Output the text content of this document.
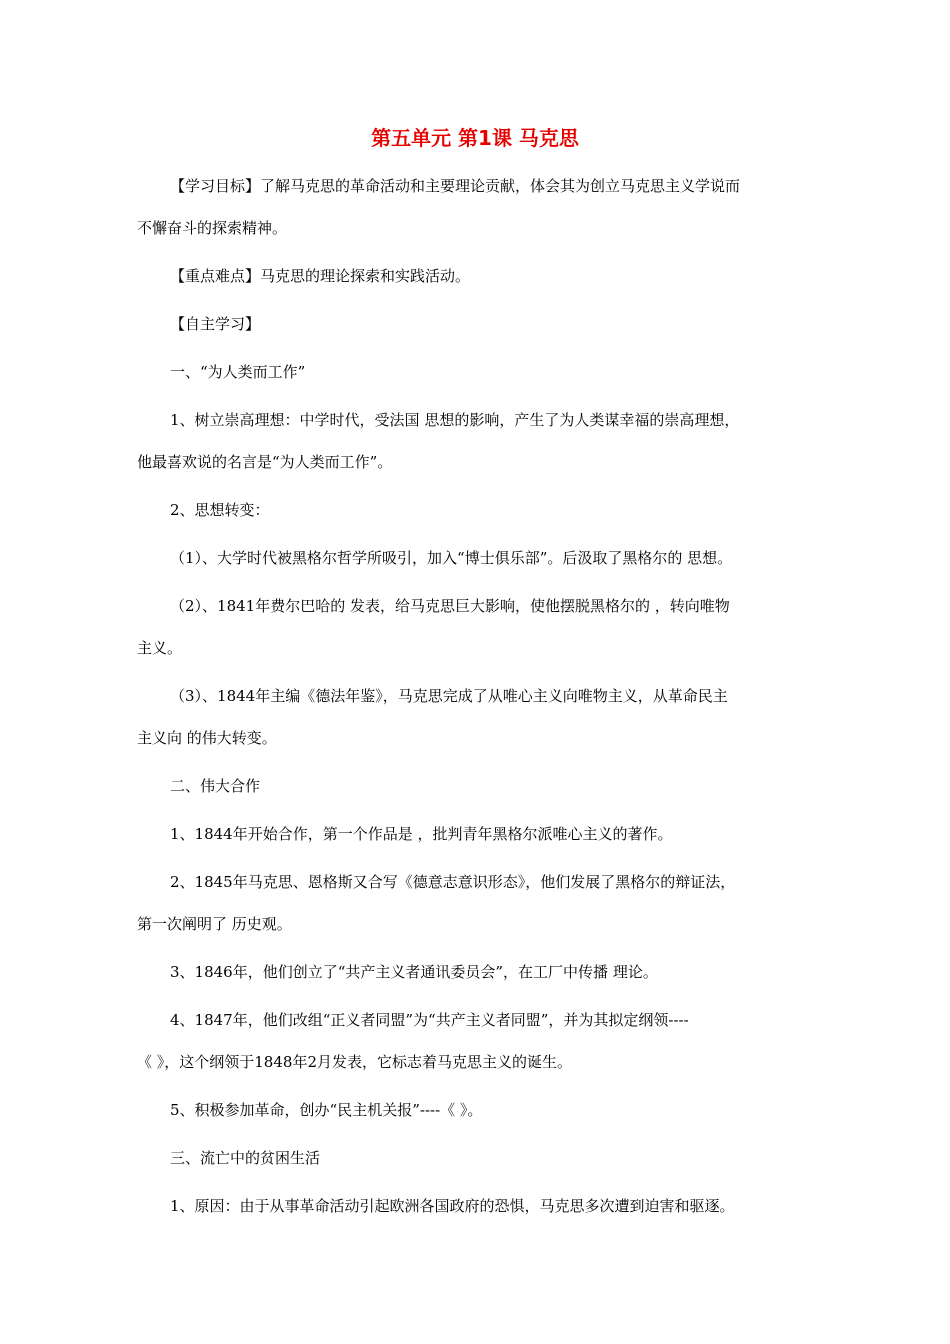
第五单元 第1课 马克思
【学习目标】了解马克思的革命活动和主要理论贡献，体会其为创立马克思主义学说而
不懈奋斗的探索精神。
【重点难点】马克思的理论探索和实践活动。
【自主学习】
一、“为人类而工作”
1、树立崇高理想：中学时代，受法国 思想的影响，产生了为人类谋幸福的崇高理想，
他最喜欢说的名言是“为人类而工作”。
2、思想转变：
（1）、大学时代被黑格尔哲学所吸引，加入“博士俱乐部”。后汲取了黑格尔的 思想。
（2）、1841年费尔巴哈的 发表，给马克思巨大影响，使他摆脱黑格尔的 ，转向唯物
主义。
（3）、1844年主编《德法年鉴》，马克思完成了从唯心主义向唯物主义，从革命民主
主义向 的伟大转变。
二、伟大合作
1、1844年开始合作，第一个作品是 ，批判青年黑格尔派唯心主义的著作。
2、1845年马克思、恩格斯又合写《德意志意识形态》，他们发展了黑格尔的辩证法，
第一次阐明了 历史观。
3、1846年，他们创立了“共产主义者通讯委员会”，在工厂中传播 理论。
4、1847年，他们改组“正义者同盟”为“共产主义者同盟”，并为其拟定纲领----
《 》，这个纲领于1848年2月发表，它标志着马克思主义的诞生。
5、积极参加革命，创办“民主机关报”----《 》。
三、流亡中的贫困生活
1、原因：由于从事革命活动引起欧洲各国政府的恐惧，马克思多次遭到迫害和驱逐。
